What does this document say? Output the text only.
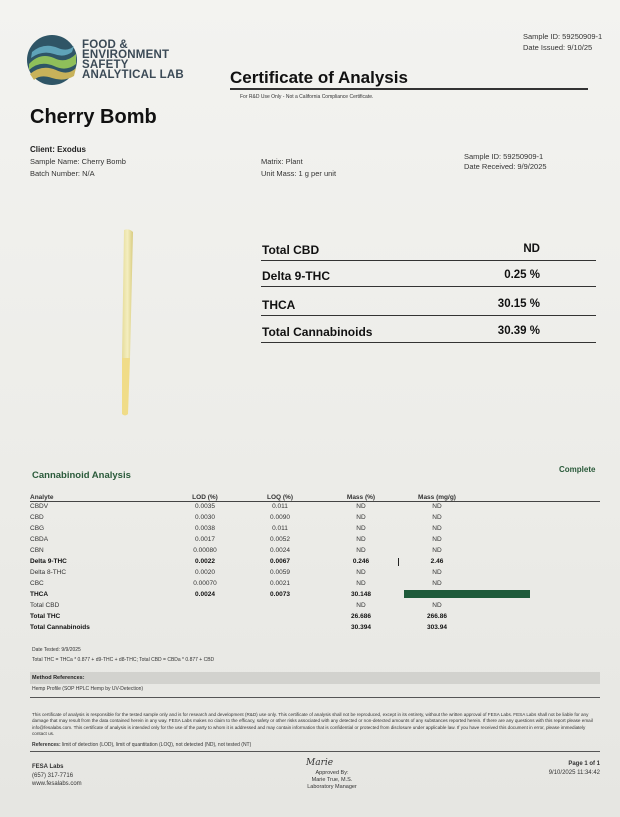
FOOD &
ENVIRONMENT
SAFETY
ANALYTICAL LAB
Sample ID: 59250909-1
Date Issued: 9/10/25
Certificate of Analysis
For R&D Use Only - Not a California Compliance Certificate.
Cherry Bomb
Client: Exodus
Sample Name: Cherry Bomb
Batch Number: N/A
Matrix: Plant
Unit Mass: 1 g per unit
Sample ID: 59250909-1
Date Received: 9/9/2025
Total CBD	ND
Delta 9-THC	0.25 %
THCA	30.15 %
Total Cannabinoids	30.39 %
Cannabinoid Analysis
Complete
Analyte	LOD (%)	LOQ (%)	Mass (%)	Mass (mg/g)
CBDV	0.0035	0.011	ND	ND
CBD	0.0030	0.0090	ND	ND
CBG	0.0038	0.011	ND	ND
CBDA	0.0017	0.0052	ND	ND
CBN	0.00080	0.0024	ND	ND
Delta 9-THC	0.0022	0.0067	0.246	2.46
Delta 8-THC	0.0020	0.0059	ND	ND
CBC	0.00070	0.0021	ND	ND
THCA	0.0024	0.0073	30.148	
Total CBD			ND	ND
Total THC			26.686	266.86
Total Cannabinoids			30.394	303.94
Date Tested: 9/9/2025
Total THC = THCa * 0.877 + d9-THC + d8-THC; Total CBD = CBDa * 0.877 + CBD
Method References:
Hemp Profile (SOP HPLC Hemp by UV-Detection)
This certificate of analysis is responsible for the tested sample only and is for research and development (R&D) use only. This certificate of analysis shall not be reproduced, except in its entirety, without the written approval of FESA Labs. FESA Labs shall not be liable for any damage that may result from the data contained herein in any way. FESA Labs makes no claim to the efficacy, safety or other risks associated with any detected or non-detected amounts of any substances reported herein. If there are any questions with this report please email info@fesalabs.com. This certificate of analysis is intended only for the use of the party to whom it is addressed and may contain information that is confidential or protected from disclosure under applicable law. If you have received this document in error, please immediately contact us.
References: limit of detection (LOD), limit of quantitation (LOQ), not detected (ND), not tested (NT)
FESA Labs
(657) 317-7716
www.fesalabs.com
Marie
Approved By:
Marie True, M.S.
Laboratory Manager
Page 1 of 1
9/10/2025 11:34:42
